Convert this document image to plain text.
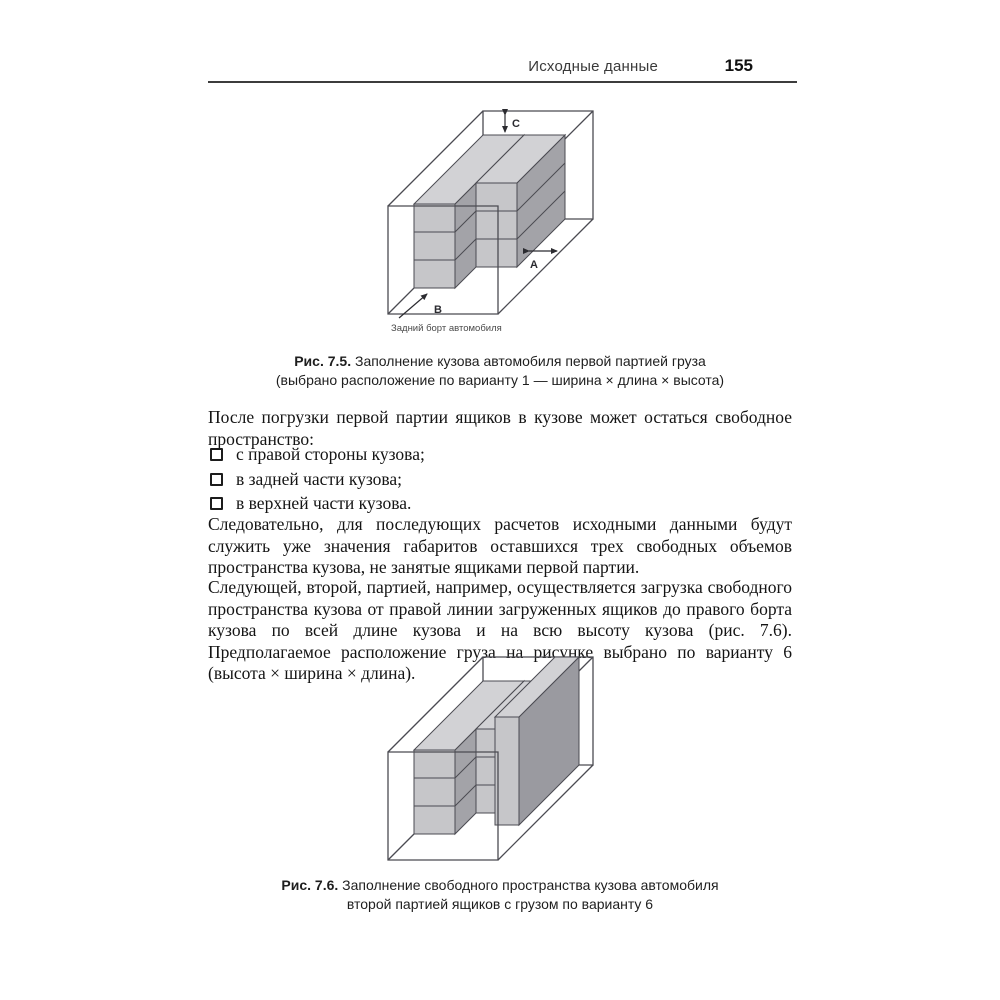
Исходные данные	155
C
A
B
Задний борт автомобиля
Рис. 7.5. Заполнение кузова автомобиля первой партией груза
(выбрано расположение по варианту 1 — ширина × длина × высота)
После погрузки первой партии ящиков в кузове может остаться свободное пространство:
с правой стороны кузова;
в задней части кузова;
в верхней части кузова.
Следовательно, для последующих расчетов исходными данными будут служить уже значения габаритов оставшихся трех свободных объемов пространства кузова, не занятые ящиками первой партии.
Следующей, второй, партией, например, осуществляется загрузка свободного пространства кузова от правой линии загруженных ящиков до правого борта кузова по всей длине кузова и на всю высоту кузова (рис. 7.6). Предполагаемое расположение груза на рисунке выбрано по варианту 6 (высота × ширина × длина).
Рис. 7.6. Заполнение свободного пространства кузова автомобиля
второй партией ящиков с грузом по варианту 6
